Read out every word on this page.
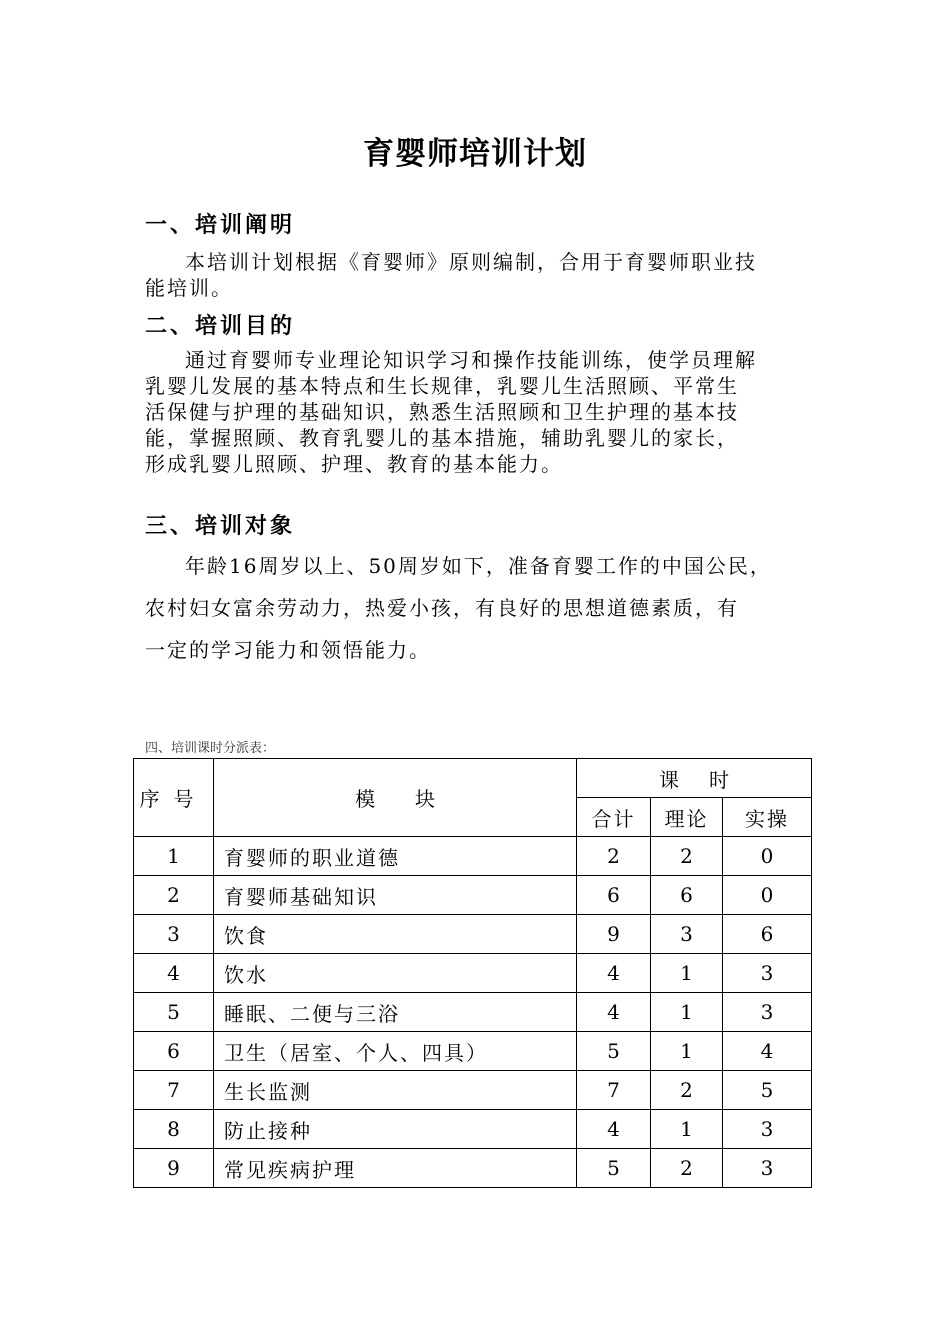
育婴师培训计划
一、培训阐明
本培训计划根据《育婴师》原则编制，合用于育婴师职业技
能培训。
二、培训目的
通过育婴师专业理论知识学习和操作技能训练，使学员理解
乳婴儿发展的基本特点和生长规律，乳婴儿生活照顾、平常生
活保健与护理的基础知识，熟悉生活照顾和卫生护理的基本技
能，掌握照顾、教育乳婴儿的基本措施，辅助乳婴儿的家长，
形成乳婴儿照顾、护理、教育的基本能力。
三、培训对象
年龄16周岁以上、50周岁如下，准备育婴工作的中国公民，
农村妇女富余劳动力，热爱小孩，有良好的思想道德素质，有
一定的学习能力和领悟能力。
四、培训课时分派表：
序号	模块	课时		
		合计	理论	实操
1	育婴师的职业道德	2	2	0
2	育婴师基础知识	6	6	0
3	饮食	9	3	6
4	饮水	4	1	3
5	睡眠、二便与三浴	4	1	3
6	卫生（居室、个人、四具）	5	1	4
7	生长监测	7	2	5
8	防止接种	4	1	3
9	常见疾病护理	5	2	3
